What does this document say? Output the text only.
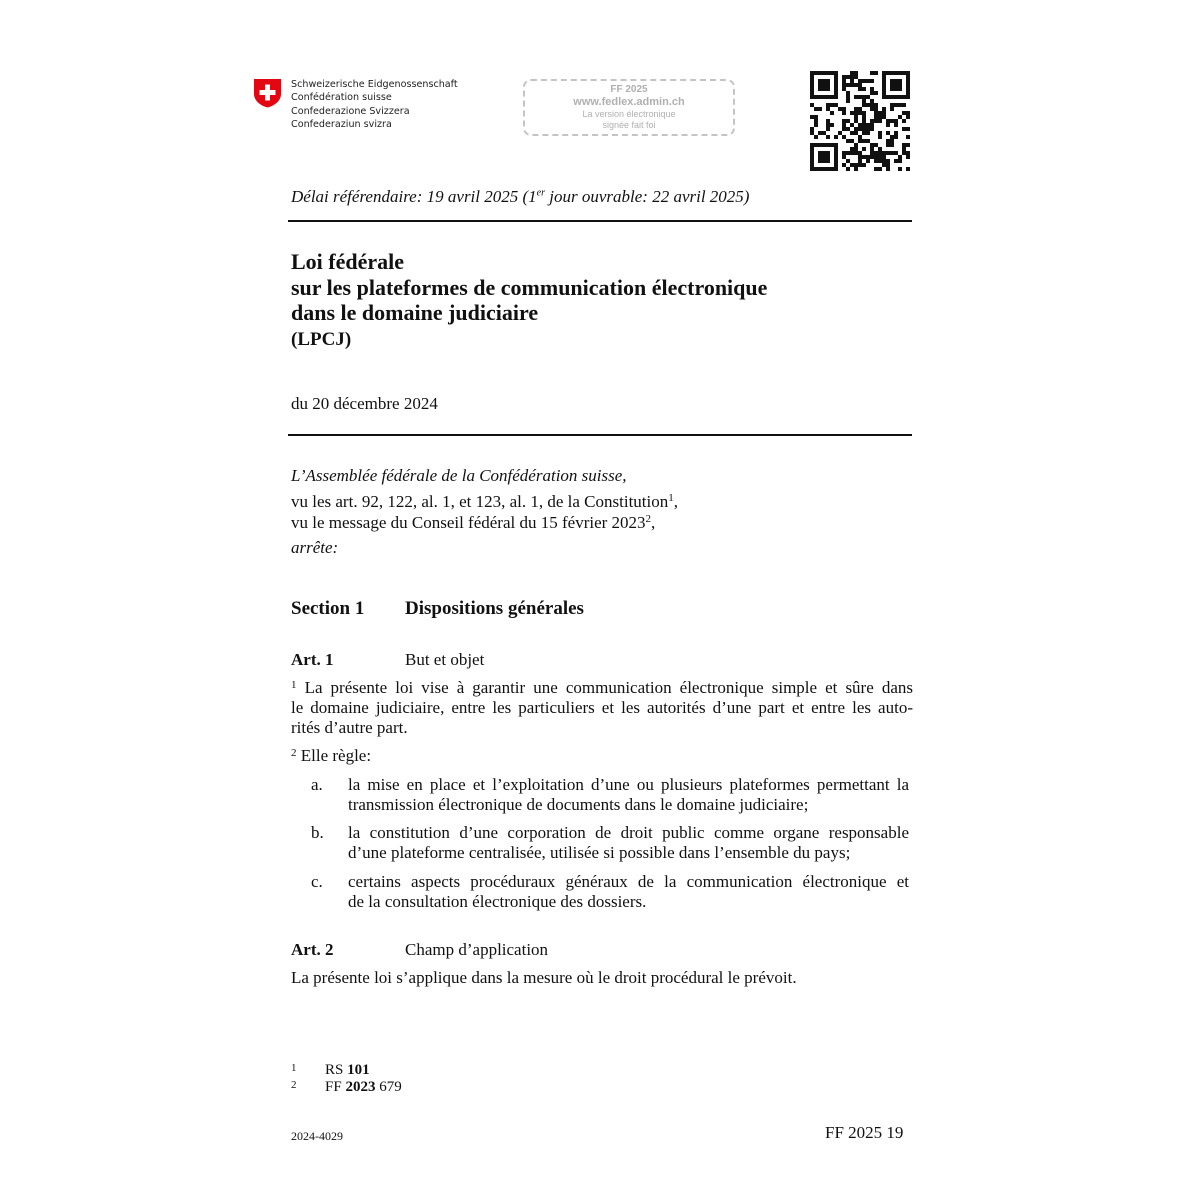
Schweizerische Eidgenossenschaft
Confédération suisse
Confederazione Svizzera
Confederaziun svizra
FF 2025
www.fedlex.admin.ch
La version électronique
signée fait foi
Délai référendaire: 19 avril 2025 (1er jour ouvrable: 22 avril 2025)
Loi fédérale
sur les plateformes de communication électronique
dans le domaine judiciaire
(LPCJ)
du 20 décembre 2024
L’Assemblée fédérale de la Confédération suisse,
vu les art. 92, 122, al. 1, et 123, al. 1, de la Constitution$^1$,
vu le message du Conseil fédéral du 15 février 2023$^2$,
arrête:
Section 1 Dispositions générales
Art. 1	But et objet
$^1$ La présente loi vise à garantir une communication électronique simple et sûre dans
le domaine judiciaire, entre les particuliers et les autorités d’une part et entre les auto-
rités d’autre part.
$^2$ Elle règle:
a. la mise en place et l’exploitation d’une ou plusieurs plateformes permettant la
transmission électronique de documents dans le domaine judiciaire;
b. la constitution d’une corporation de droit public comme organe responsable
d’une plateforme centralisée, utilisée si possible dans l’ensemble du pays;
c. certains aspects procéduraux généraux de la communication électronique et
de la consultation électronique des dossiers.
Art. 2	Champ d’application
La présente loi s’applique dans la mesure où le droit procédural le prévoit.
1 RS 101
2 FF 2023 679
2024-4029	FF 2025 19
